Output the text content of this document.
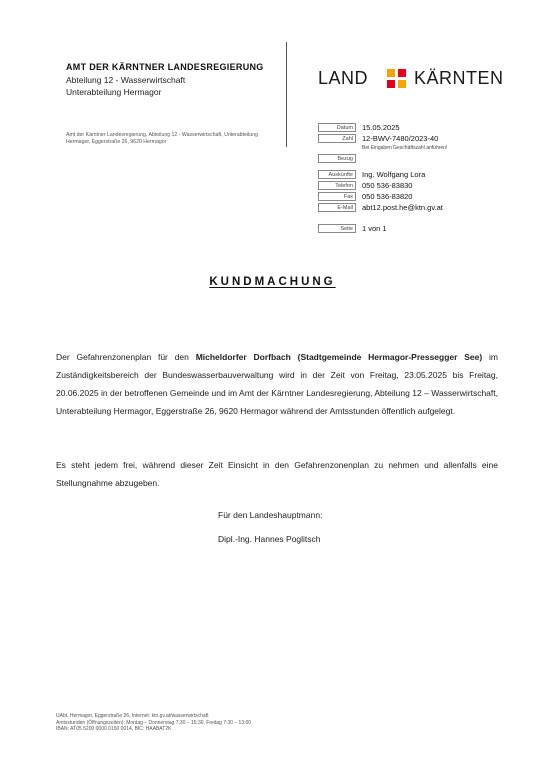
AMT DER KÄRNTNER LANDESREGIERUNG
Abteilung 12 - Wasserwirtschaft
Unterabteilung Hermagor
LAND	KÄRNTEN
Amt der Kärntner Landesregierung, Abteilung 12 - Wasserwirtschaft, Unterabteilung
Hermagor, Eggerstraße 26, 9620 Hermagor
Datum	15.05.2025
Zahl	12-BWV-7480/2023-40
Bei Eingaben Geschäftszahl anführen!
Bezug
Auskünfte	Ing. Wolfgang Lora
Telefon	050 536-83830
Fax	050 536-83820
E-Mail	abt12.post.he@ktn.gv.at
Seite	1 von 1
KUNDMACHUNG
Der Gefahrenzonenplan für den Micheldorfer Dorfbach (Stadtgemeinde Hermagor-Pressegger See) im Zuständigkeitsbereich der Bundeswasserbauverwaltung wird in der Zeit von Freitag, 23.05.2025 bis Freitag, 20.06.2025 in der betroffenen Gemeinde und im Amt der Kärntner Landesregierung, Abteilung 12 – Wasserwirtschaft, Unterabteilung Hermagor, Eggerstraße 26, 9620 Hermagor während der Amtsstunden öffentlich aufgelegt.
Es steht jedem frei, während dieser Zeit Einsicht in den Gefahrenzonenplan zu nehmen und allenfalls eine Stellungnahme abzugeben.
Für den Landeshauptmann:
Dipl.-Ing. Hannes Poglitsch
UAbt. Hermagor, Eggerstraße 26, Internet: ktn.gv.at/wasserwirtschaft
Amtsstunden (Öffnungszeiten): Montag – Donnerstag 7:30 – 15:30, Freitag 7:30 – 13:00
IBAN: AT05 5200 0000 0150 0014, BIC: HAABAT2K
